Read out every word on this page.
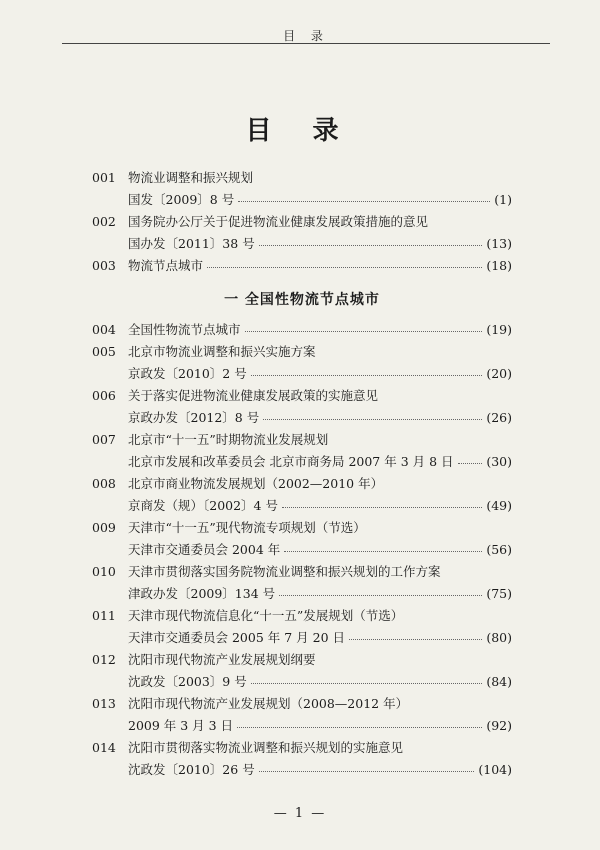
目 录
目 录
001 物流业调整和振兴规划
国发〔2009〕8 号	(1)
002 国务院办公厅关于促进物流业健康发展政策措施的意见
国办发〔2011〕38 号	(13)
003 物流节点城市	(18)
一 全国性物流节点城市
004 全国性物流节点城市	(19)
005 北京市物流业调整和振兴实施方案
京政发〔2010〕2 号	(20)
006 关于落实促进物流业健康发展政策的实施意见
京政办发〔2012〕8 号	(26)
007 北京市“十一五”时期物流业发展规划
北京市发展和改革委员会 北京市商务局 2007 年 3 月 8 日	(30)
008 北京市商业物流发展规划（2002—2010 年）
京商发（规）〔2002〕4 号	(49)
009 天津市“十一五”现代物流专项规划（节选）
天津市交通委员会 2004 年	(56)
010 天津市贯彻落实国务院物流业调整和振兴规划的工作方案
津政办发〔2009〕134 号	(75)
011 天津市现代物流信息化“十一五”发展规划（节选）
天津市交通委员会 2005 年 7 月 20 日	(80)
012 沈阳市现代物流产业发展规划纲要
沈政发〔2003〕9 号	(84)
013 沈阳市现代物流产业发展规划（2008—2012 年）
2009 年 3 月 3 日	(92)
014 沈阳市贯彻落实物流业调整和振兴规划的实施意见
沈政发〔2010〕26 号	(104)
— 1 —
